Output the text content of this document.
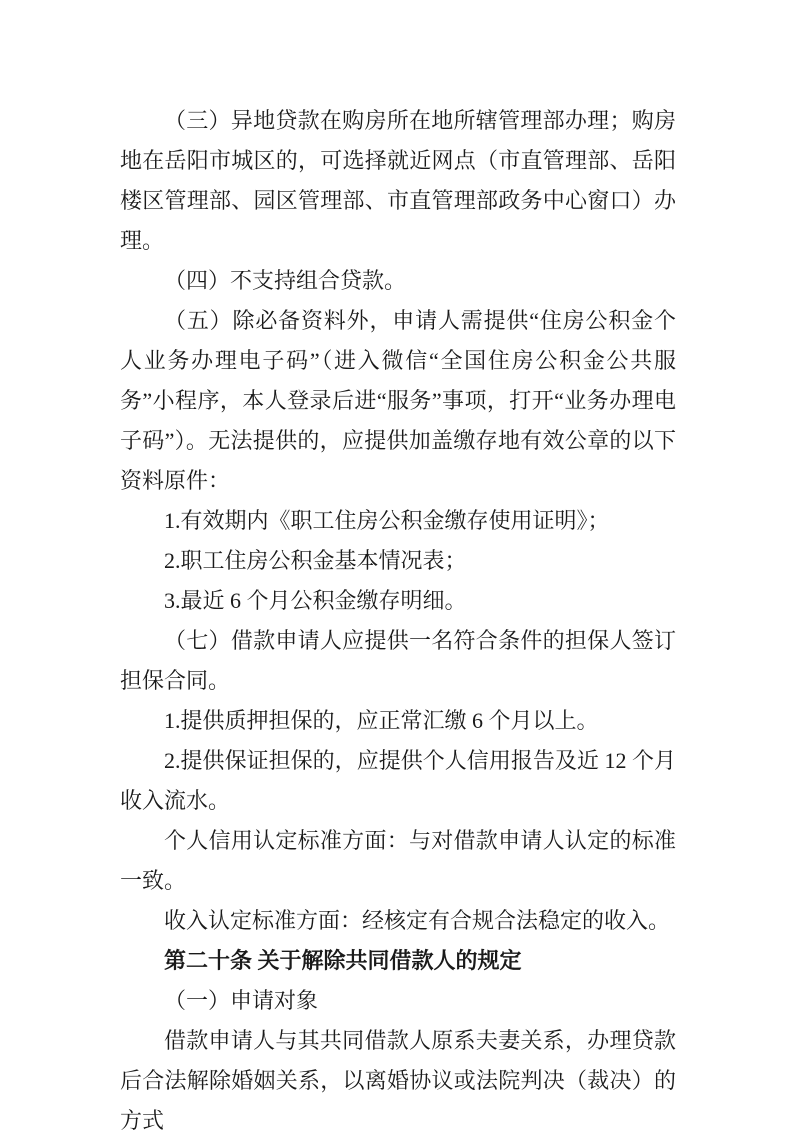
（三）异地贷款在购房所在地所辖管理部办理；购房地在岳阳市城区的，可选择就近网点（市直管理部、岳阳楼区管理部、园区管理部、市直管理部政务中心窗口）办理。

（四）不支持组合贷款。

（五）除必备资料外，申请人需提供“住房公积金个人业务办理电子码”（进入微信“全国住房公积金公共服务”小程序，本人登录后进“服务”事项，打开“业务办理电子码”）。无法提供的，应提供加盖缴存地有效公章的以下资料原件：

1.有效期内《职工住房公积金缴存使用证明》；

2.职工住房公积金基本情况表；

3.最近 6 个月公积金缴存明细。

（七）借款申请人应提供一名符合条件的担保人签订担保合同。

1.提供质押担保的，应正常汇缴 6 个月以上。

2.提供保证担保的，应提供个人信用报告及近 12 个月收入流水。

个人信用认定标准方面：与对借款申请人认定的标准一致。

收入认定标准方面：经核定有合规合法稳定的收入。

第二十条 关于解除共同借款人的规定

（一）申请对象

借款申请人与其共同借款人原系夫妻关系，办理贷款后合法解除婚姻关系，以离婚协议或法院判决（裁决）的方式
